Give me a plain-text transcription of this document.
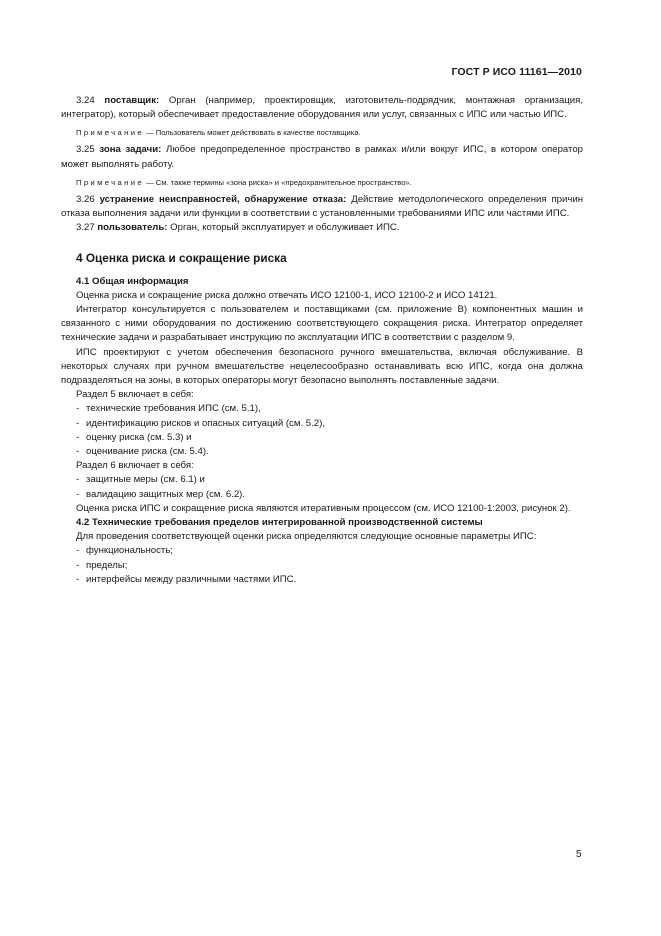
ГОСТ Р ИСО 11161—2010

3.24 поставщик: Орган (например, проектировщик, изготовитель-подрядчик, монтажная организация, интегратор), который обеспечивает предоставление оборудования или услуг, связанных с ИПС или частью ИПС.

Примечание — Пользователь может действовать в качестве поставщика.

3.25 зона задачи: Любое предопределенное пространство в рамках и/или вокруг ИПС, в котором оператор может выполнять работу.

Примечание — См. также термины «зона риска» и «предохранительное пространство».

3.26 устранение неисправностей, обнаружение отказа: Действие методологического определения причин отказа выполнения задачи или функции в соответствии с установленными требованиями ИПС или частями ИПС.

3.27 пользователь: Орган, который эксплуатирует и обслуживает ИПС.

4 Оценка риска и сокращение риска
4.1 Общая информация

Оценка риска и сокращение риска должно отвечать ИСО 12100-1, ИСО 12100-2 и ИСО 14121.

Интегратор консультируется с пользователем и поставщиками (см. приложение В) компонентных машин и связанного с ними оборудования по достижению соответствующего сокращения риска. Интегратор определяет технические задачи и разрабатывает инструкцию по эксплуатации ИПС в соответствии с разделом 9.

ИПС проектируют с учетом обеспечения безопасного ручного вмешательства, включая обслуживание. В некоторых случаях при ручном вмешательстве нецелесообразно останавливать всю ИПС, когда она должна подразделяться на зоны, в которых операторы могут безопасно выполнять поставленные задачи.

Раздел 5 включает в себя:

- технические требования ИПС (см. 5.1),
- идентификацию рисков и опасных ситуаций (см. 5.2),
- оценку риска (см. 5.3) и
- оценивание риска (см. 5.4).

Раздел 6 включает в себя:

- защитные меры (см. 6.1) и
- валидацию защитных мер (см. 6.2).

Оценка риска ИПС и сокращение риска являются итеративным процессом (см. ИСО 12100-1:2003, рисунок 2).

4.2 Технические требования пределов интегрированной производственной системы

Для проведения соответствующей оценки риска определяются следующие основные параметры ИПС:

- функциональность;
- пределы;
- интерфейсы между различными частями ИПС.
5
